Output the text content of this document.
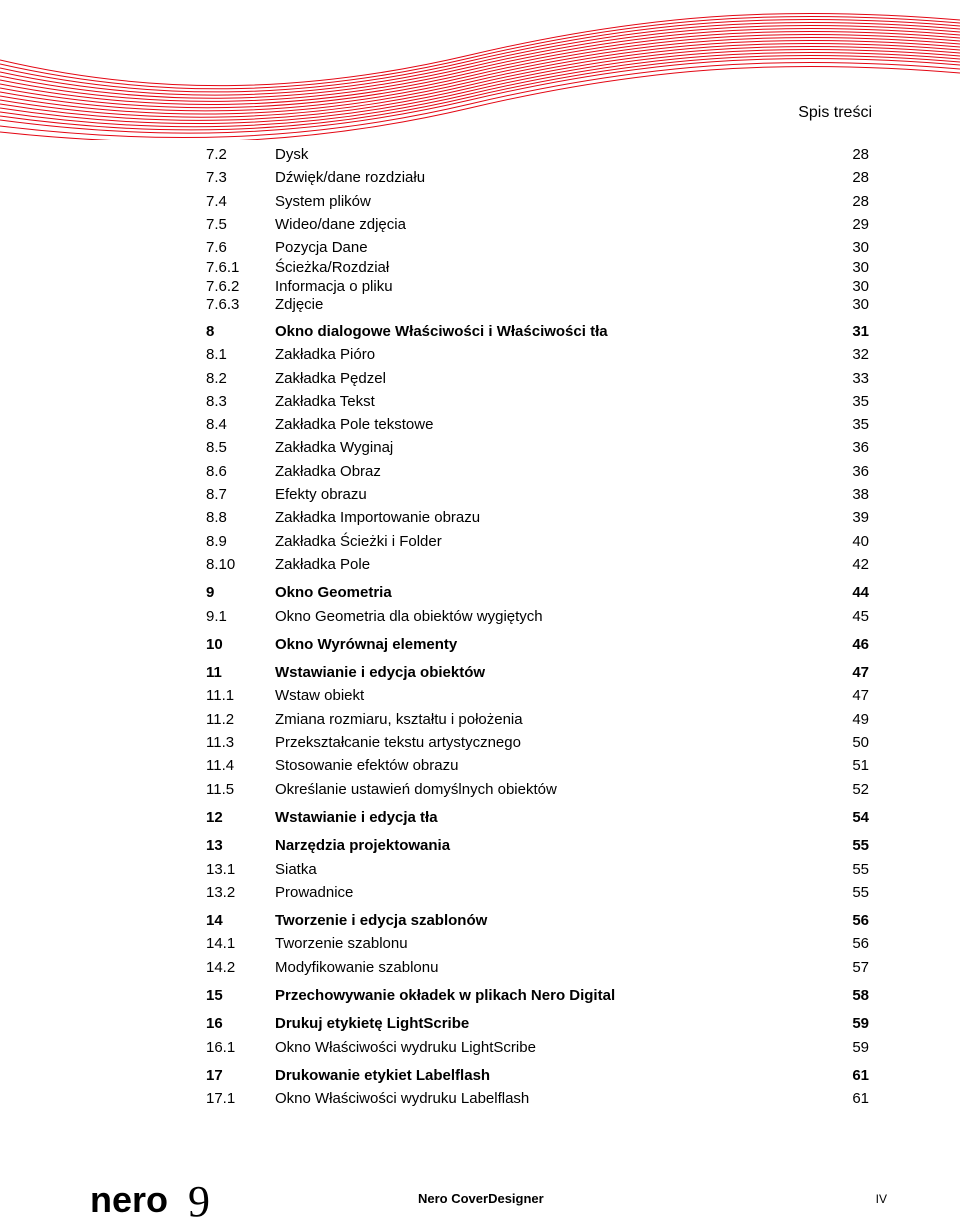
Spis treści
7.2	Dysk	28
7.3	Dźwięk/dane rozdziału	28
7.4	System plików	28
7.5	Wideo/dane zdjęcia	29
7.6	Pozycja Dane	30
7.6.1 Ścieżka/Rozdział	30
7.6.2 Informacja o pliku	30
7.6.3 Zdjęcie	30
8	Okno dialogowe Właściwości i Właściwości tła	31
8.1	Zakładka Pióro	32
8.2	Zakładka Pędzel	33
8.3	Zakładka Tekst	35
8.4	Zakładka Pole tekstowe	35
8.5	Zakładka Wyginaj	36
8.6	Zakładka Obraz	36
8.7	Efekty obrazu	38
8.8	Zakładka Importowanie obrazu	39
8.9	Zakładka Ścieżki i Folder	40
8.10	Zakładka Pole	42
9	Okno Geometria	44
9.1	Okno Geometria dla obiektów wygiętych	45
10	Okno Wyrównaj elementy	46
11	Wstawianie i edycja obiektów	47
11.1	Wstaw obiekt	47
11.2	Zmiana rozmiaru, kształtu i położenia	49
11.3	Przekształcanie tekstu artystycznego	50
11.4	Stosowanie efektów obrazu	51
11.5	Określanie ustawień domyślnych obiektów	52
12	Wstawianie i edycja tła	54
13	Narzędzia projektowania	55
13.1	Siatka	55
13.2	Prowadnice	55
14	Tworzenie i edycja szablonów	56
14.1	Tworzenie szablonu	56
14.2	Modyfikowanie szablonu	57
15	Przechowywanie okładek w plikach Nero Digital	58
16	Drukuj etykietę LightScribe	59
16.1	Okno Właściwości wydruku LightScribe	59
17	Drukowanie etykiet Labelflash	61
17.1	Okno Właściwości wydruku Labelflash	61
nero 9	Nero CoverDesigner	IV
